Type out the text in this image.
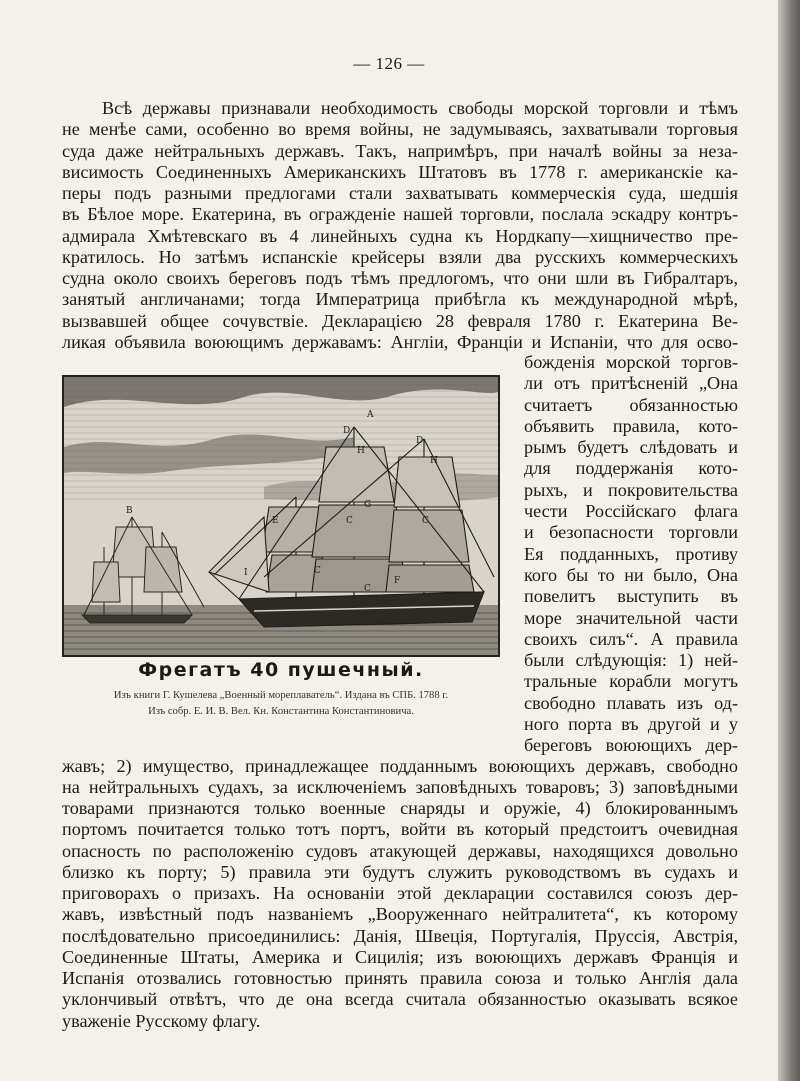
— 126 —

Всѣ державы признавали необходимость свободы морской торговли и тѣмъ

не менѣе сами, особенно во время войны, не задумываясь, захватывали торговыя

суда даже нейтральныхъ державъ. Такъ, напримѣръ, при началѣ войны за неза-

висимость Соединенныхъ Американскихъ Штатовъ въ 1778 г. американскіе ка-

перы подъ разными предлогами стали захватывать коммерческія суда, шедшія

въ Бѣлое море. Екатерина, въ огражденіе нашей торговли, послала эскадру контръ-

адмирала Хмѣтевскаго въ 4 линейныхъ судна къ Нордкапу—хищничество пре-

кратилось. Но затѣмъ испанскіе крейсеры взяли два русскихъ коммерческихъ

судна около своихъ береговъ подъ тѣмъ предлогомъ, что они шли въ Гибралтаръ,

занятый англичанами; тогда Императрица прибѣгла къ международной мѣрѣ,

вызвавшей общее сочувствіе. Декларацією 28 февраля 1780 г. Екатерина Ве-

ликая объявила воюющимъ державамъ: Англіи, Франціи и Испаніи, что для осво-

B
A
D
D
H
H
E	C
G
C
I
C
C
F
Фрегатъ 40 пушечный.
Изъ книги Г. Кушелева „Военный мореплаватель“. Издана въ СПБ. 1788 г.
Изъ собр. Е. И. В. Вел. Кн. Константина Константиновича.
божденія морской торгов-
ли отъ притѣсненій „Она
считаетъ обязанностью
объявить правила, кото-
рымъ будетъ слѣдовать и
для поддержанія кото-
рыхъ, и покровительства
чести Россійскаго флага
и безопасности торговли
Ея подданныхъ, противу
кого бы то ни было, Она
повелитъ выступить въ
море значительной части
своихъ силъ“. А правила
были слѣдующія: 1) ней-
тральные корабли могутъ
свободно плавать изъ од-
ного порта въ другой и у
береговъ воюющихъ дер-

жавъ; 2) имущество, принадлежащее подданнымъ воюющихъ державъ, свободно

на нейтральныхъ судахъ, за исключеніемъ заповѣдныхъ товаровъ; 3) заповѣдными

товарами признаются только военные снаряды и оружіе, 4) блокированнымъ

портомъ почитается только тотъ портъ, войти въ который предстоитъ очевидная

опасность по расположенію судовъ атакующей державы, находящихся довольно

близко къ порту; 5) правила эти будутъ служить руководствомъ въ судахъ и

приговорахъ о призахъ. На основаніи этой декларации составился союзъ дер-

жавъ, извѣстный подъ названіемъ „Вооруженнаго нейтралитета“, къ которому

послѣдовательно присоединились: Данія, Швеція, Португалія, Пруссія, Австрія,

Соединенные Штаты, Америка и Сицилія; изъ воюющихъ державъ Франція и

Испанія отозвались готовностью принять правила союза и только Англія дала

уклончивый отвѣтъ, что де она всегда считала обязанностью оказывать всякое

уваженіе Русскому флагу.
